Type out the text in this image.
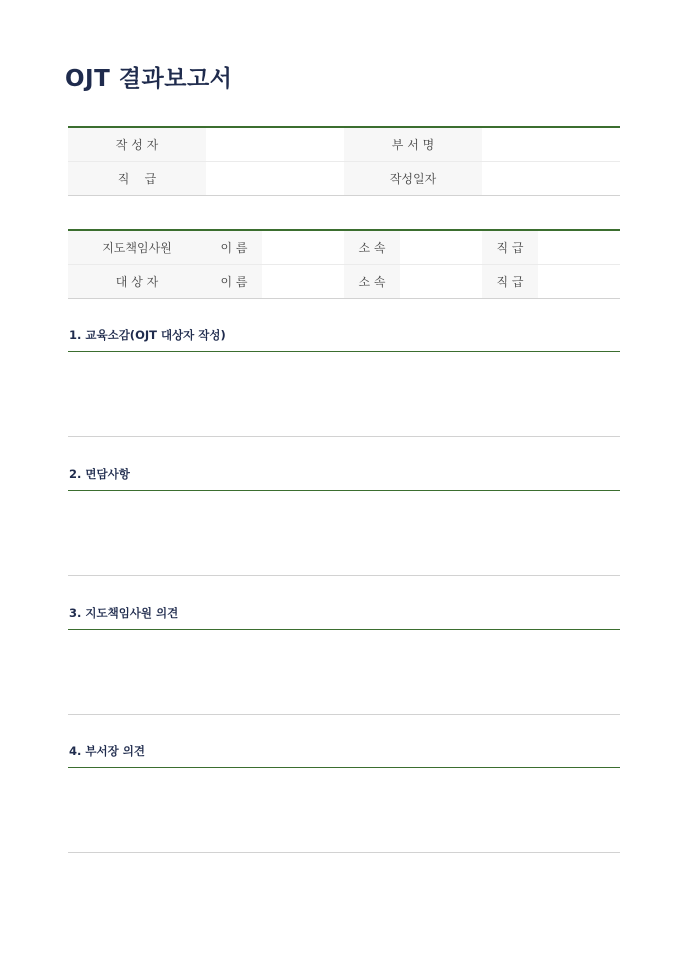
OJT 결과보고서
작 성 자		부 서 명	
직    급		작성일자	
지도책임사원	이 름		소 속		직 급	
대 상 자	이 름		소 속		직 급	
1. 교육소감(OJT 대상자 작성)
2. 면담사항
3. 지도책임사원 의견
4. 부서장 의견
